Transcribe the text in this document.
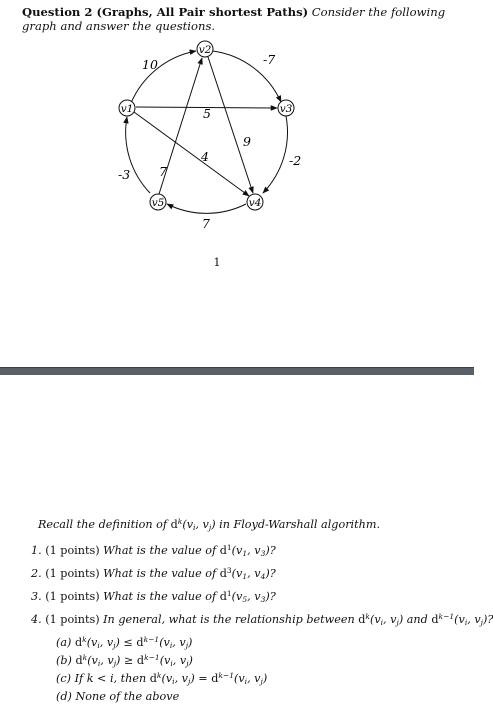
Question 2 (Graphs, All Pair shortest Paths) Consider the following graph and answer the questions.
10	-7
5
9
4
7
-2
-3
7
v2
v1	v3
v5	v4
1
Recall the definition of $d^k(v_i$, $v_j$) in Floyd-Warshall algorithm.
1. (1 points) What is the value of $d^1(v_1$, $v_3$)?
2. (1 points) What is the value of $d^3(v_1$, $v_4$)?
3. (1 points) What is the value of $d^1(v_5$, $v_3$)?
4. (1 points) In general, what is the relationship between $d^k(v_i$, $v_j$) and $d^{k-1}(v_i$, $v_j$)?
(a) $d^k(v_i$, $v_j) \le d^{k-1}(v_i$, $v_j$)
(b) $d^k(v_i$, $v_j) \ge d^{k-1}(v_i$, $v_j$)
(c) If k < i, then $d^k(v_i$, $v_j) = d^{k-1}(v_i$, $v_j$)
(d) None of the above
